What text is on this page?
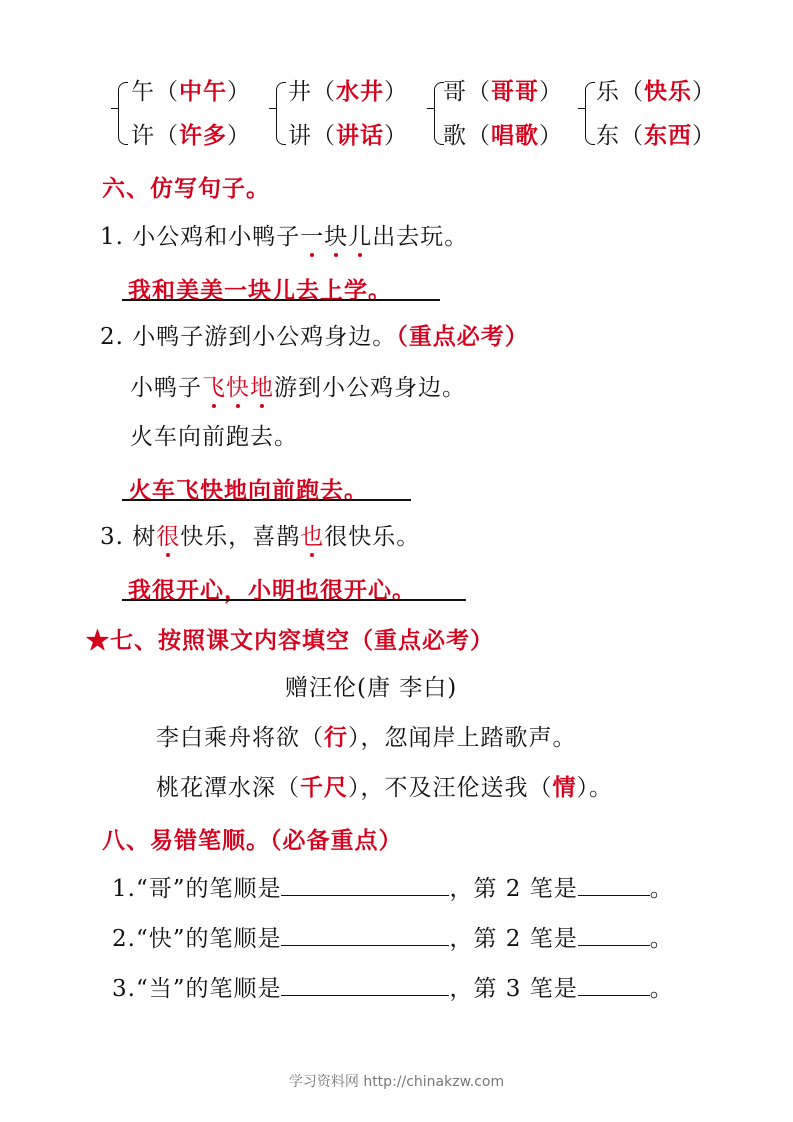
午（中午）
许（许多）
井（水井）
讲（讲话）
哥（哥哥）
歌（唱歌）
乐（快乐）
东（东西）
六、仿写句子。
1. 小公鸡和小鸭子一块儿出去玩。
我和美美一块儿去上学。
2. 小鸭子游到小公鸡身边。（重点必考）
小鸭子飞快地游到小公鸡身边。
火车向前跑去。
火车飞快地向前跑去。
3. 树很快乐，喜鹊也很快乐。
我很开心，小明也很开心。
★七、按照课文内容填空（重点必考）
赠汪伦(唐 李白)
李白乘舟将欲（行），忽闻岸上踏歌声。
桃花潭水深（千尺），不及汪伦送我（情）。
八、易错笔顺。（必备重点）
1.“哥”的笔顺是	，第 2 笔是	。
2.“快”的笔顺是	，第 2 笔是	。
3.“当”的笔顺是	，第 3 笔是	。
学习资料网 http://chinakzw.com
